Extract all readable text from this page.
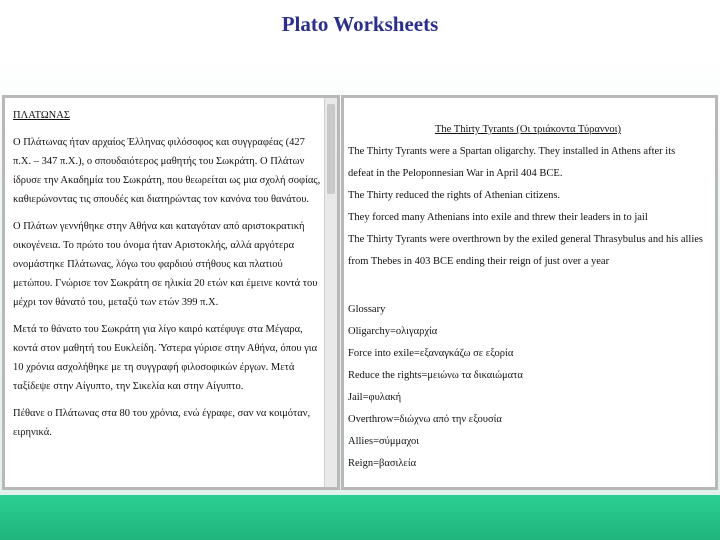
Plato Worksheets
ΠΛΑΤΩΝΑΣ
Ο Πλάτωνας ήταν αρχαίος Έλληνας φιλόσοφος και συγγραφέας (427 π.Χ. – 347 π.Χ.), ο σπουδαιότερος μαθητής του Σωκράτη. Ο Πλάτων ίδρυσε την Ακαδημία του Σωκράτη, που θεωρείται ως μια σχολή σοφίας, καθιερώνοντας τις σπουδές και διατηρώντας τον κανόνα του θανάτου.
Ο Πλάτων γεννήθηκε στην Αθήνα και καταγόταν από αριστοκρατική οικογένεια. Το πρώτο του όνομα ήταν Αριστοκλής, αλλά αργότερα ονομάστηκε Πλάτωνας, λόγω του φαρδιού στήθους και πλατιού μετώπου. Γνώρισε τον Σωκράτη σε ηλικία 20 ετών και έμεινε κοντά του μέχρι τον θάνατό του, μεταξύ των ετών 399 π.Χ.
Μετά το θάνατο του Σωκράτη για λίγο καιρό κατέφυγε στα Μέγαρα, κοντά στον μαθητή του Ευκλείδη. Ύστερα γύρισε στην Αθήνα, όπου για 10 χρόνια ασχολήθηκε με τη συγγραφή φιλοσοφικών έργων. Μετά ταξίδεψε στην Αίγυπτο, την Σικελία και στην Αίγυπτο.
Πέθανε ο Πλάτωνας στα 80 του χρόνια, ενώ έγραφε, σαν να κοιμόταν, ειρηνικά.
The Thirty Tyrants (Οι τριάκοντα Τύραννοι)
The Thirty Tyrants were a Spartan oligarchy. They installed in Athens after its
defeat in the Peloponnesian War in April 404 BCE.
The Thirty reduced the rights of Athenian citizens.
They forced many Athenians into exile and threw their leaders in to jail
The Thirty Tyrants were overthrown by the exiled general Thrasybulus and his allies
from Thebes in 403 BCE ending their reign of just over a year
Glossary
Oligarchy=ολιγαρχία
Force into exile=εξαναγκάζω σε εξορία
Reduce the rights=μειώνω τα δικαιώματα
Jail=φυλακή
Overthrow=διώχνω από την εξουσία
Allies=σύμμαχοι
Reign=βασιλεία
